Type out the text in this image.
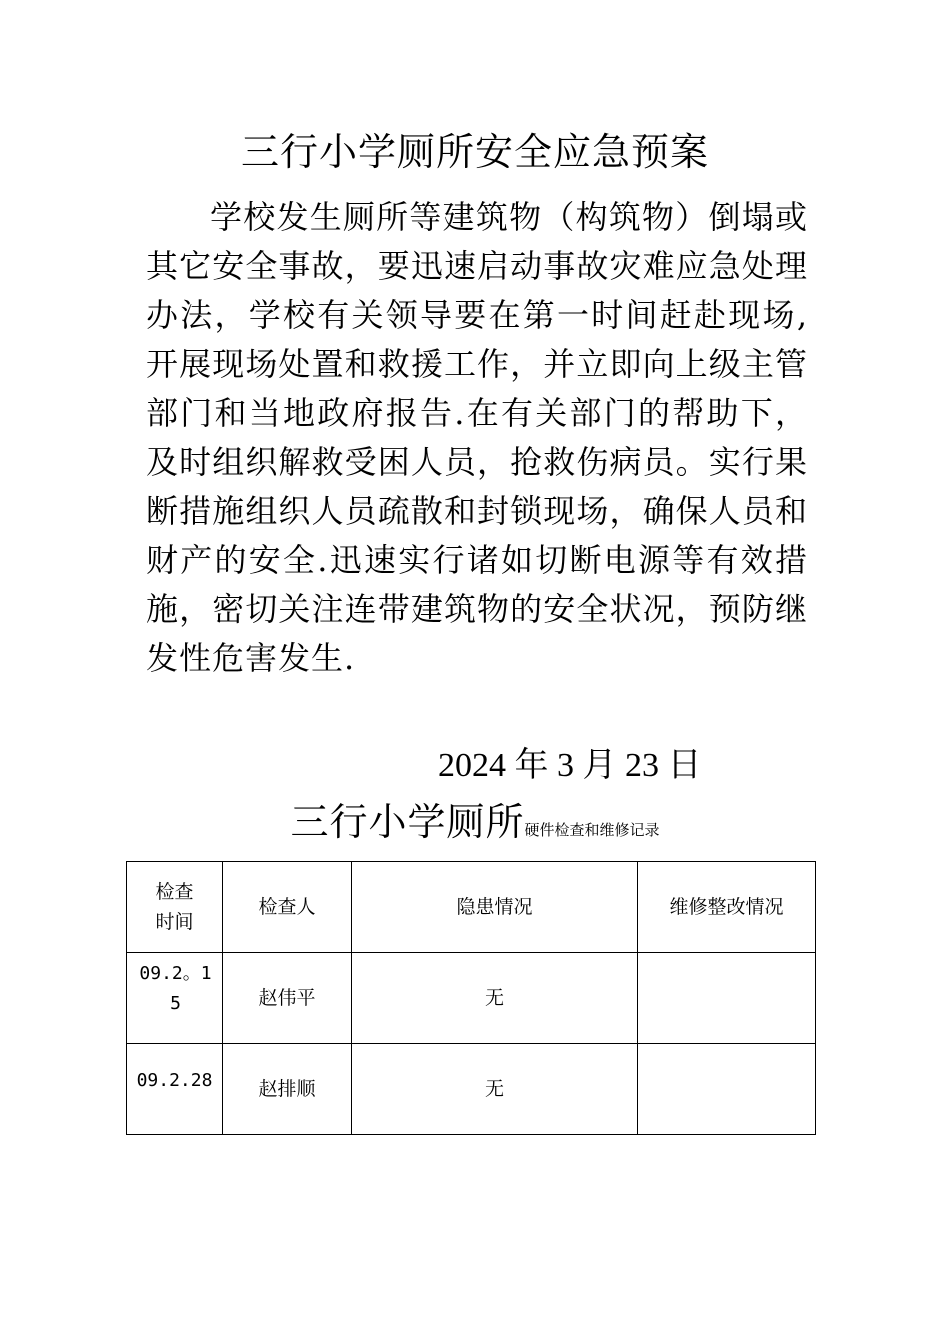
三行小学厕所安全应急预案

学校发生厕所等建筑物（构筑物）倒塌或其它安全事故，要迅速启动事故灾难应急处理办法，学校有关领导要在第一时间赶赴现场,开展现场处置和救援工作，并立即向上级主管部门和当地政府报告.在有关部门的帮助下，及时组织解救受困人员，抢救伤病员。实行果断措施组织人员疏散和封锁现场，确保人员和财产的安全.迅速实行诸如切断电源等有效措施，密切关注连带建筑物的安全状况，预防继发性危害发生.

2024 年 3 月 23 日
三行小学厕所硬件检查和维修记录
检查时间	检查人	隐患情况	维修整改情况
09.2。15	赵伟平	无	
09.2.28	赵排顺	无	
